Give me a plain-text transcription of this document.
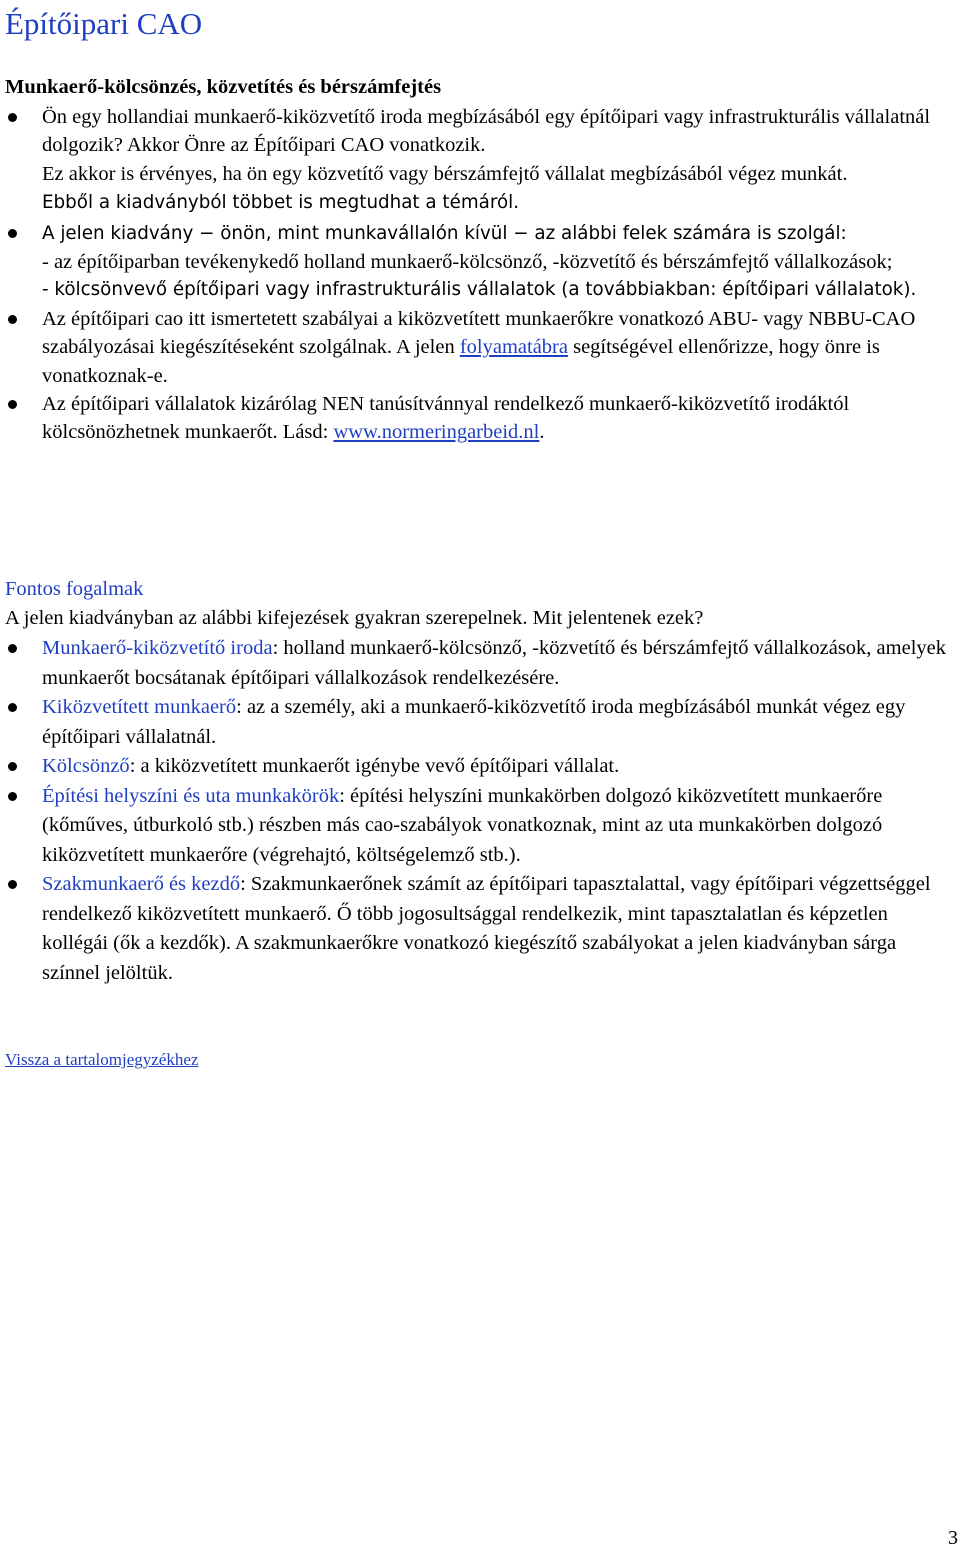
Építőipari CAO
Munkaerő-kölcsönzés, közvetítés és bérszámfejtés
Ön egy hollandiai munkaerő-kiközvetítő iroda megbízásából egy építőipari vagy infrastrukturális vállalatnál dolgozik? Akkor Önre az Építőipari CAO vonatkozik.
Ez akkor is érvényes, ha ön egy közvetítő vagy bérszámfejtő vállalat megbízásából végez munkát.
Ebből a kiadványból többet is megtudhat a témáról.
A jelen kiadvány − önön, mint munkavállalón kívül − az alábbi felek számára is szolgál:
- az építőiparban tevékenykedő holland munkaerő-kölcsönző, -közvetítő és bérszámfejtő vállalkozások;
- kölcsönvevő építőipari vagy infrastrukturális vállalatok (a továbbiakban: építőipari vállalatok).
Az építőipari cao itt ismertetett szabályai a kiközvetített munkaerőkre vonatkozó ABU- vagy NBBU-CAO szabályozásai kiegészítéseként szolgálnak. A jelen folyamatábra segítségével ellenőrizze, hogy önre is vonatkoznak-e.
Az építőipari vállalatok kizárólag NEN tanúsítvánnyal rendelkező munkaerő-kiközvetítő irodáktól kölcsönözhetnek munkaerőt. Lásd: www.normeringarbeid.nl.
Fontos fogalmak

A jelen kiadványban az alábbi kifejezések gyakran szerepelnek. Mit jelentenek ezek?

Munkaerő-kiközvetítő iroda: holland munkaerő-kölcsönző, -közvetítő és bérszámfejtő vállalkozások, amelyek munkaerőt bocsátanak építőipari vállalkozások rendelkezésére.
Kiközvetített munkaerő: az a személy, aki a munkaerő-kiközvetítő iroda megbízásából munkát végez egy építőipari vállalatnál.
Kölcsönző: a kiközvetített munkaerőt igénybe vevő építőipari vállalat.
Építési helyszíni és uta munkakörök: építési helyszíni munkakörben dolgozó kiközvetített munkaerőre (kőműves, útburkoló stb.) részben más cao-szabályok vonatkoznak, mint az uta munkakörben dolgozó kiközvetített munkaerőre (végrehajtó, költségelemző stb.).
Szakmunkaerő és kezdő: Szakmunkaerőnek számít az építőipari tapasztalattal, vagy építőipari végzettséggel rendelkező kiközvetített munkaerő. Ő több jogosultsággal rendelkezik, mint tapasztalatlan és képzetlen kollégái (ők a kezdők). A szakmunkaerőkre vonatkozó kiegészítő szabályokat a jelen kiadványban sárga színnel jelöltük.
Vissza a tartalomjegyzékhez
3
